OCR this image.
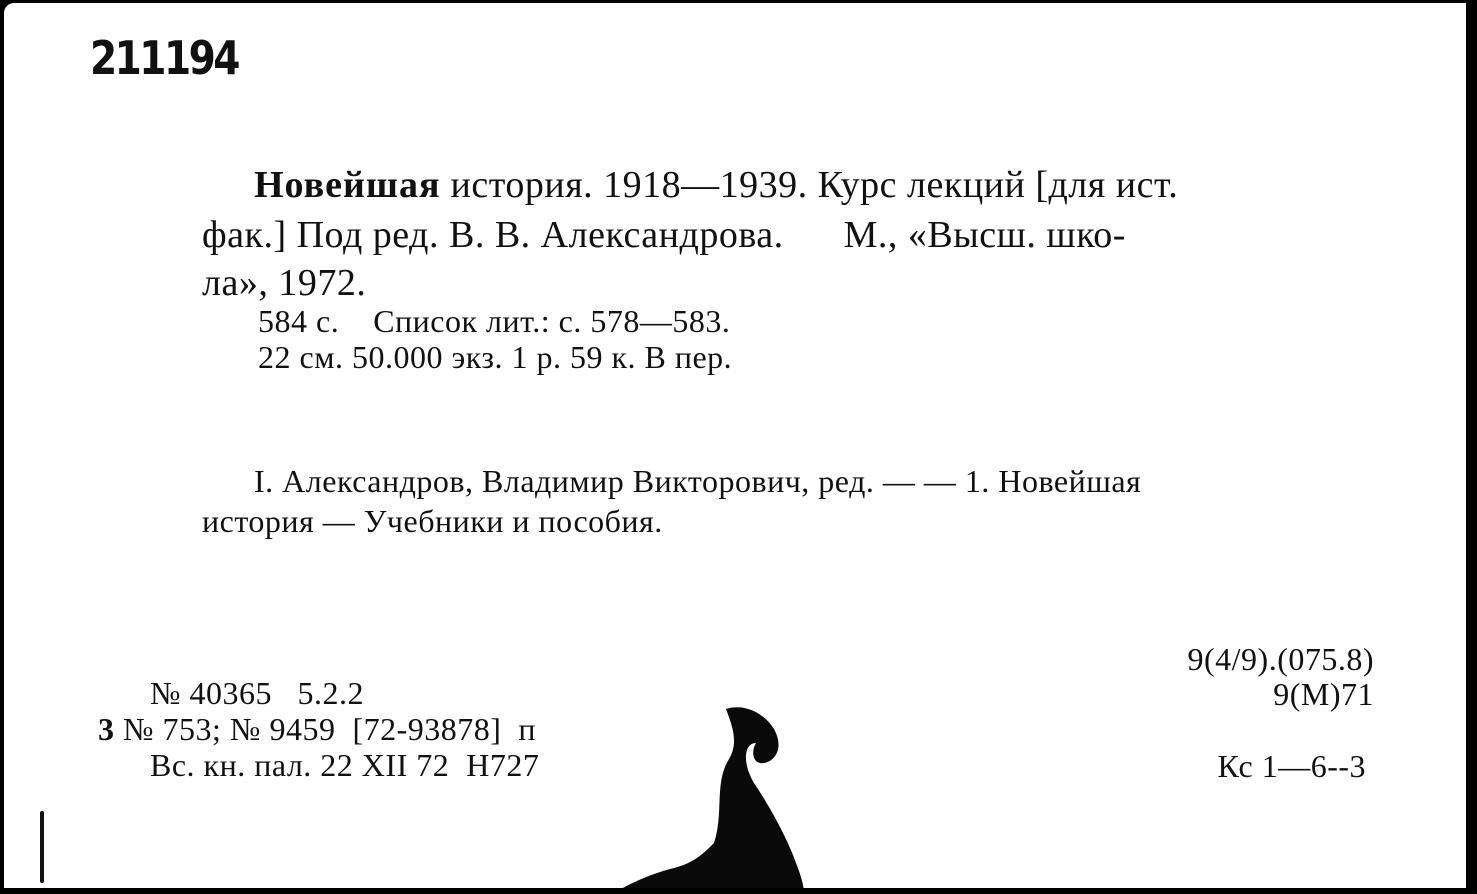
211194
Новейшая история. 1918—1939. Курс лекций [для ист.
фак.] Под ред. В. В. Александрова.      М., «Высш. шко-
ла», 1972.
584 с.    Список лит.: с. 578—583.
22 см. 50.000 экз. 1 р. 59 к. В пер.
I. Александров, Владимир Викторович, ред. — — 1. Новейшая
история — Учебники и пособия.
9(4/9).(075.8)
9(М)71
Кс 1—6--3
№ 40365   5.2.2
3 № 753; № 9459  [72-93878]  п
Вс. кн. пал. 22 XII 72  Н727
